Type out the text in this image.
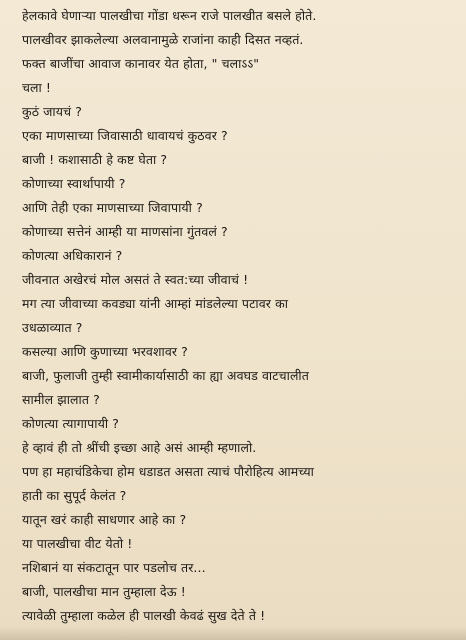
हेलकावे घेणाऱ्या पालखीचा गोंडा धरून राजे पालखीत बसले होते.
पालखीवर झाकलेल्या अलवानामुळे राजांना काही दिसत नव्हतं.
फक्त बाजींचा आवाज कानावर येत होता, " चलाऽऽ"
चला !
कुठं जायचं ?
एका माणसाच्या जिवासाठी धावायचं कुठवर ?
बाजी ! कशासाठी हे कष्ट घेता ?
कोणाच्या स्वार्थापायी ?
आणि तेही एका माणसाच्या जिवापायी ?
कोणाच्या सत्तेनं आम्ही या माणसांना गुंतवलं ?
कोणत्या अधिकारानं ?
जीवनात अखेरचं मोल असतं ते स्वत:च्या जीवाचं !
मग त्या जीवाच्या कवड्या यांनी आम्हां मांडलेल्या पटावर का
उधळाव्यात ?
कसल्या आणि कुणाच्या भरवशावर ?
बाजी, फुलाजी तुम्ही स्वामीकार्यासाठी का ह्या अवघड वाटचालीत
सामील झालात ?
कोणत्या त्यागापायी ?
हे व्हावं ही तो श्रींची इच्छा आहे असं आम्ही म्हणालो.
पण हा महाचंडिकेचा होम धडाडत असता त्याचं पौरोहित्य आमच्या
हाती का सुपूर्द केलंत ?
यातून खरं काही साधणार आहे का ?
या पालखीचा वीट येतो !
नशिबानं या संकटातून पार पडलोच तर...
बाजी, पालखीचा मान तुम्हाला देऊ !
त्यावेळी तुम्हाला कळेल ही पालखी केवढं सुख देते ते !
